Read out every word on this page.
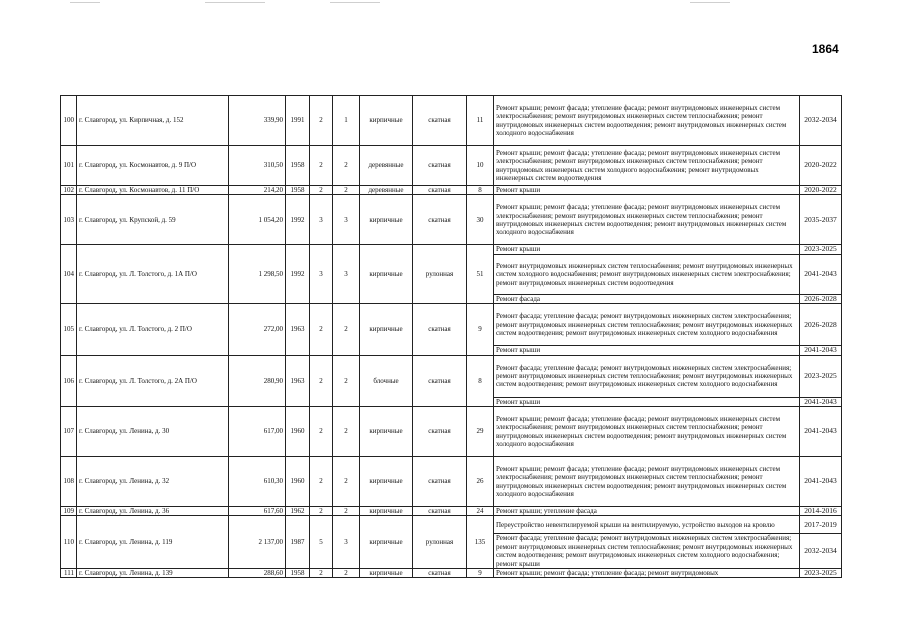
1864
100	г. Славгород, ул. Кирпичная, д. 152	339,90	1991	2	1	кирпичные	скатная	11	Ремонт крыши; ремонт фасада; утепление фасада; ремонт внутридомовых инженерных систем электроснабжения; ремонт внутридомовых инженерных систем теплоснабжения; ремонт внутридомовых инженерных систем водоотведения; ремонт внутридомовых инженерных систем холодного водоснабжения	2032-2034
101	г. Славгород, ул. Космонавтов, д. 9 П/О	310,50	1958	2	2	деревянные	скатная	10	Ремонт крыши; ремонт фасада; утепление фасада; ремонт внутридомовых инженерных систем электроснабжения; ремонт внутридомовых инженерных систем теплоснабжения; ремонт внутридомовых инженерных систем холодного водоснабжения; ремонт внутридомовых инженерных систем водоотведения	2020-2022
102	г. Славгород, ул. Космонавтов, д. 11 П/О	214,20	1958	2	2	деревянные	скатная	8	Ремонт крыши	2020-2022
103	г. Славгород, ул. Крупской, д. 59	1 054,20	1992	3	3	кирпичные	скатная	30	Ремонт крыши; ремонт фасада; утепление фасада; ремонт внутридомовых инженерных систем электроснабжения; ремонт внутридомовых инженерных систем теплоснабжения; ремонт внутридомовых инженерных систем водоотведения; ремонт внутридомовых инженерных систем холодного водоснабжения	2035-2037
104	г. Славгород, ул. Л. Толстого, д. 1А П/О	1 298,50	1992	3	3	кирпичные	рулонная	51	Ремонт крыши	2023-2025
									Ремонт внутридомовых инженерных систем теплоснабжения; ремонт внутридомовых инженерных систем холодного водоснабжения; ремонт внутридомовых инженерных систем электроснабжения; ремонт внутридомовых инженерных систем водоотведения	2041-2043
									Ремонт фасада	2026-2028
105	г. Славгород, ул. Л. Толстого, д. 2 П/О	272,00	1963	2	2	кирпичные	скатная	9	Ремонт фасада; утепление фасада; ремонт внутридомовых инженерных систем электроснабжения; ремонт внутридомовых инженерных систем теплоснабжения; ремонт внутридомовых инженерных систем водоотведения; ремонт внутридомовых инженерных систем холодного водоснабжения	2026-2028
									Ремонт крыши	2041-2043
106	г. Славгород, ул. Л. Толстого, д. 2А П/О	280,90	1963	2	2	блочные	скатная	8	Ремонт фасада; утепление фасада; ремонт внутридомовых инженерных систем электроснабжения; ремонт внутридомовых инженерных систем теплоснабжения; ремонт внутридомовых инженерных систем водоотведения; ремонт внутридомовых инженерных систем холодного водоснабжения	2023-2025
									Ремонт крыши	2041-2043
107	г. Славгород, ул. Ленина, д. 30	617,00	1960	2	2	кирпичные	скатная	29	Ремонт крыши; ремонт фасада; утепление фасада; ремонт внутридомовых инженерных систем электроснабжения; ремонт внутридомовых инженерных систем теплоснабжения; ремонт внутридомовых инженерных систем водоотведения; ремонт внутридомовых инженерных систем холодного водоснабжения	2041-2043
108	г. Славгород, ул. Ленина, д. 32	610,30	1960	2	2	кирпичные	скатная	26	Ремонт крыши; ремонт фасада; утепление фасада; ремонт внутридомовых инженерных систем электроснабжения; ремонт внутридомовых инженерных систем теплоснабжения; ремонт внутридомовых инженерных систем водоотведения; ремонт внутридомовых инженерных систем холодного водоснабжения	2041-2043
109	г. Славгород, ул. Ленина, д. 36	617,60	1962	2	2	кирпичные	скатная	24	Ремонт крыши; утепление фасада	2014-2016
110	г. Славгород, ул. Ленина, д. 119	2 137,00	1987	5	3	кирпичные	рулонная	135	Переустройство невентилируемой крыши на вентилируемую, устройство выходов на кровлю	2017-2019
									Ремонт фасада; утепление фасада; ремонт внутридомовых инженерных систем электроснабжения; ремонт внутридомовых инженерных систем теплоснабжения; ремонт внутридомовых инженерных систем водоотведения; ремонт внутридомовых инженерных систем холодного водоснабжения; ремонт крыши	2032-2034
111	г. Славгород, ул. Ленина, д. 139	288,60	1958	2	2	кирпичные	скатная	9	Ремонт крыши; ремонт фасада; утепление фасада; ремонт внутридомовых	2023-2025
